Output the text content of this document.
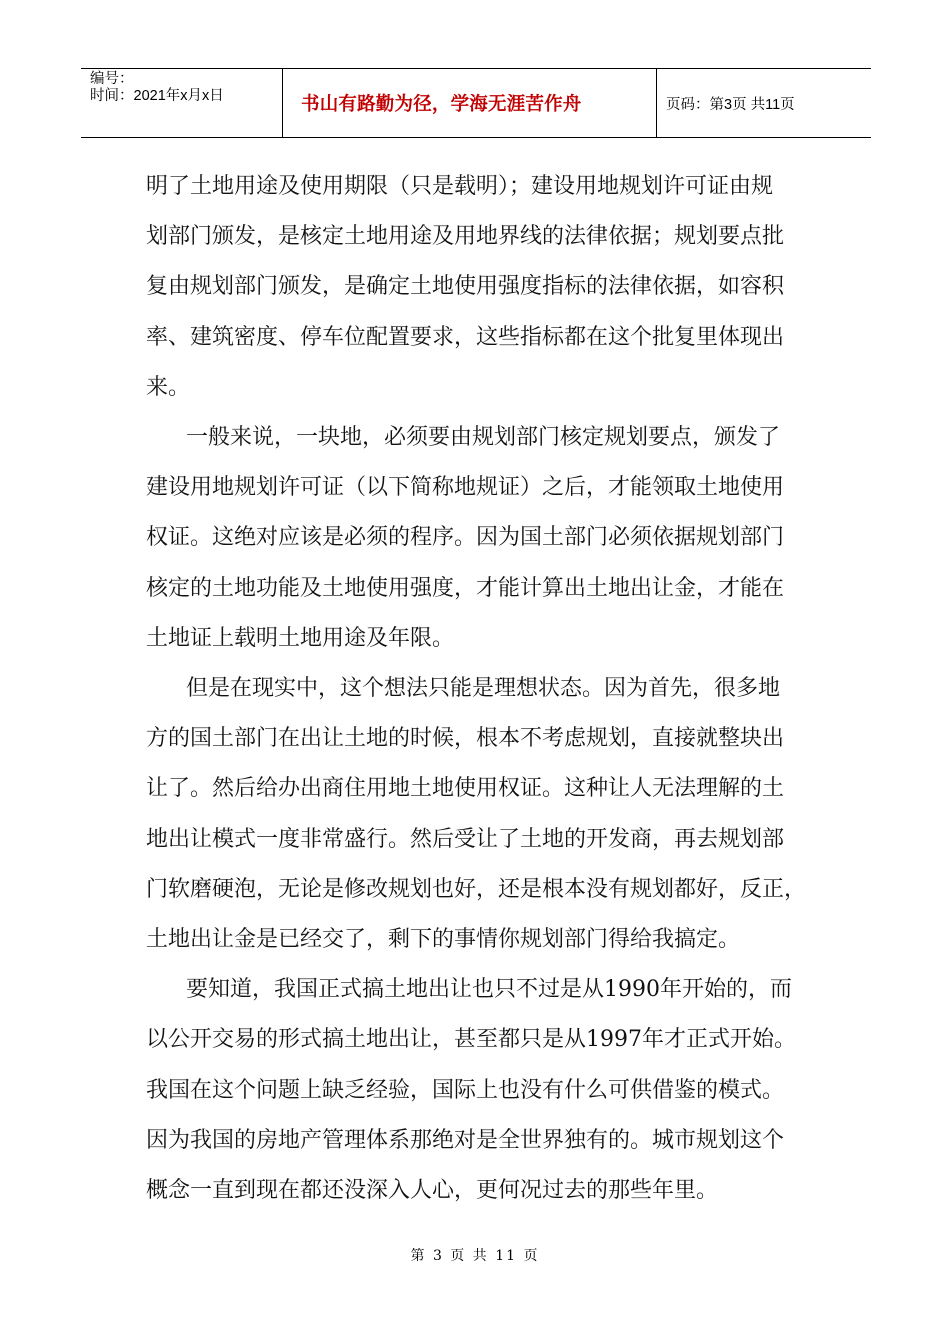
编号：
时间：2021年x月x日	书山有路勤为径，学海无涯苦作舟	页码：第3页 共11页

明了土地用途及使用期限（只是载明）；建设用地规划许可证由规
划部门颁发，是核定土地用途及用地界线的法律依据；规划要点批
复由规划部门颁发，是确定土地使用强度指标的法律依据，如容积
率、建筑密度、停车位配置要求，这些指标都在这个批复里体现出
来。

一般来说，一块地，必须要由规划部门核定规划要点，颁发了
建设用地规划许可证（以下简称地规证）之后，才能领取土地使用
权证。这绝对应该是必须的程序。因为国土部门必须依据规划部门
核定的土地功能及土地使用强度，才能计算出土地出让金，才能在
土地证上载明土地用途及年限。

但是在现实中，这个想法只能是理想状态。因为首先，很多地
方的国土部门在出让土地的时候，根本不考虑规划，直接就整块出
让了。然后给办出商住用地土地使用权证。这种让人无法理解的土
地出让模式一度非常盛行。然后受让了土地的开发商，再去规划部
门软磨硬泡，无论是修改规划也好，还是根本没有规划都好，反正，
土地出让金是已经交了，剩下的事情你规划部门得给我搞定。

要知道，我国正式搞土地出让也只不过是从1990年开始的，而
以公开交易的形式搞土地出让，甚至都只是从1997年才正式开始。
我国在这个问题上缺乏经验，国际上也没有什么可供借鉴的模式。
因为我国的房地产管理体系那绝对是全世界独有的。城市规划这个
概念一直到现在都还没深入人心，更何况过去的那些年里。

第 3 页 共 11 页
